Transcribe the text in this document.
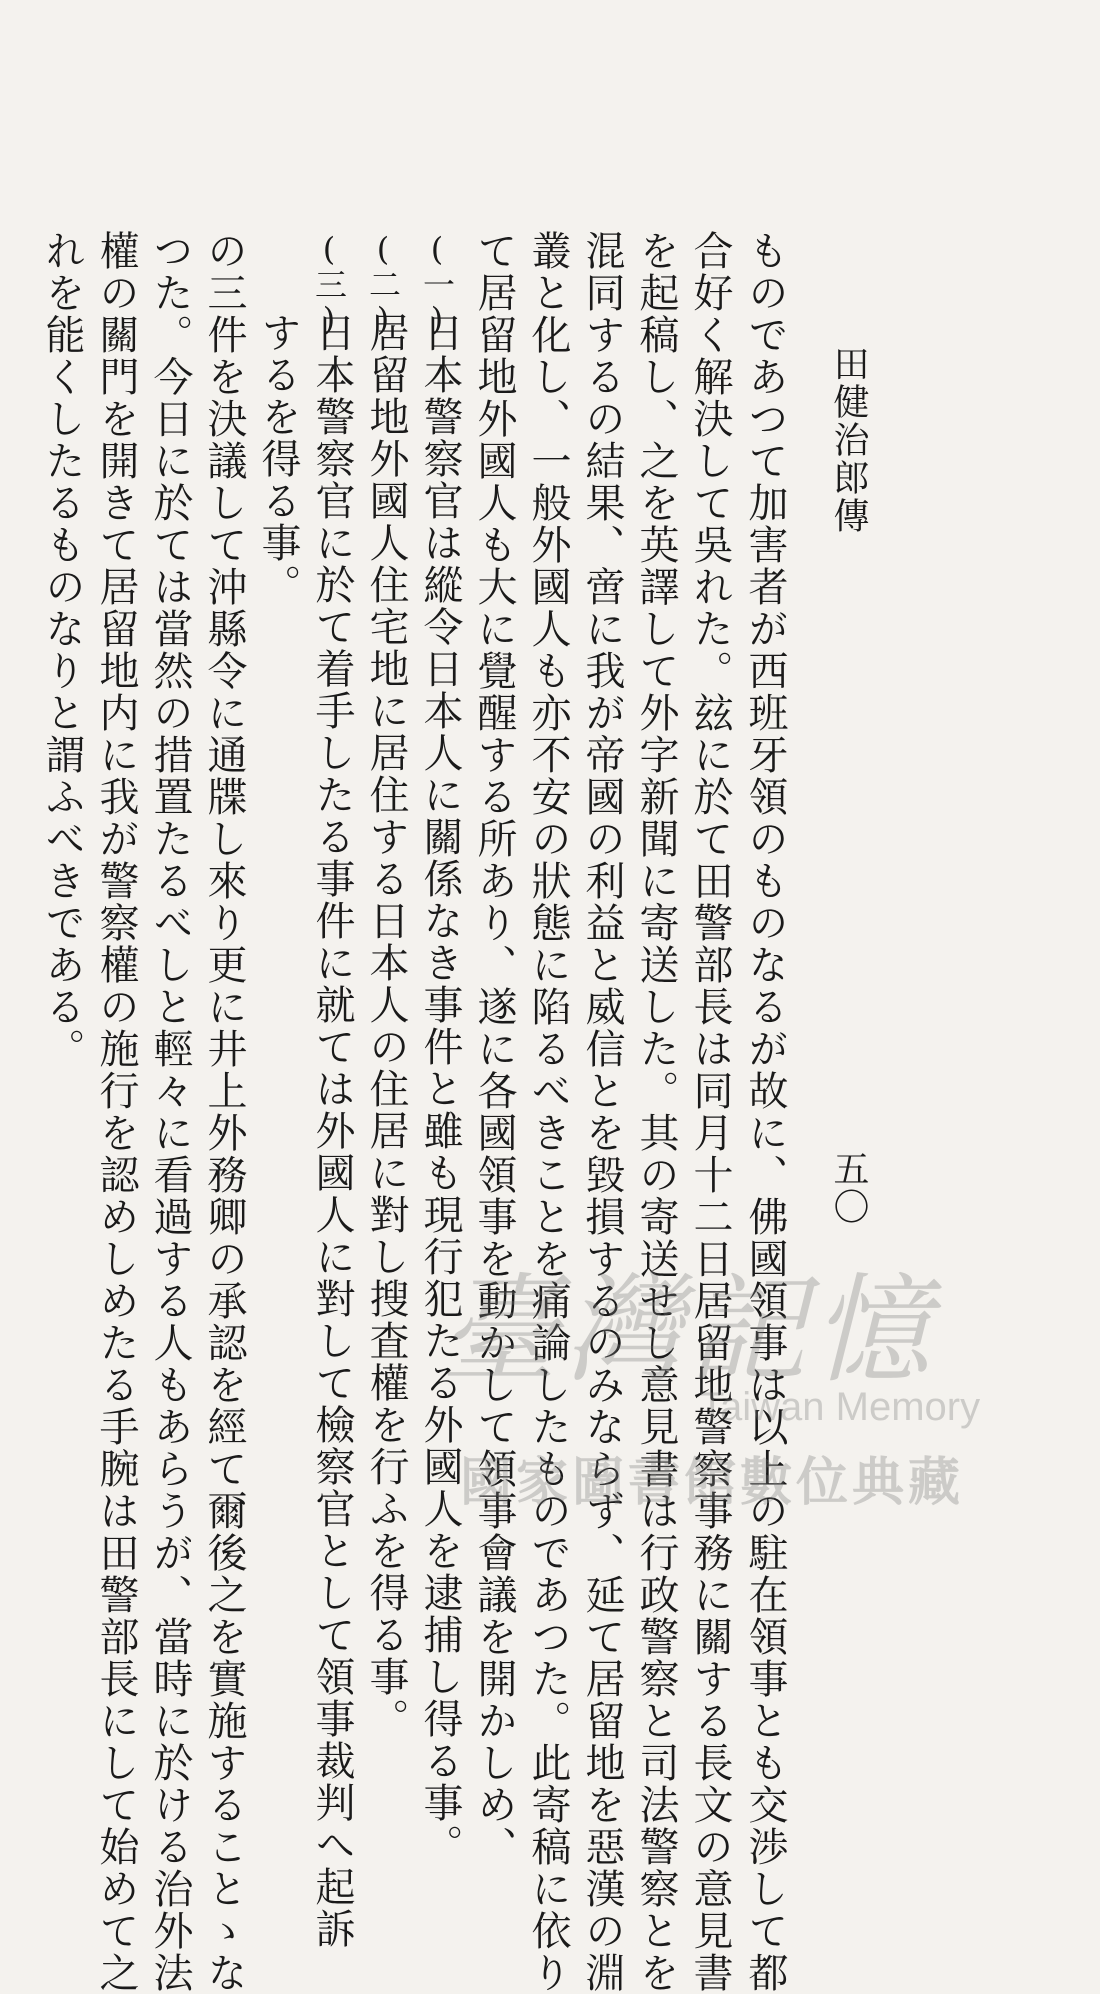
田健治郎傳
五〇
ものであつて加害者が西班牙領のものなるが故に、佛國領事は以上の駐在領事とも交渉して都
合好く解決して吳れた。玆に於て田警部長は同月十二日居留地警察事務に關する長文の意見書
を起稿し、之を英譯して外字新聞に寄送した。其の寄送せし意見書は行政警察と司法警察とを
混同するの結果、啻に我が帝國の利益と威信とを毀損するのみならず、延て居留地を惡漢の淵
叢と化し、一般外國人も亦不安の狀態に陷るべきことを痛論したものであつた。此寄稿に依り
て居留地外國人も大に覺醒する所あり、遂に各國領事を動かして領事會議を開かしめ、
(一)
日本警察官は縱令日本人に關係なき事件と雖も現行犯たる外國人を逮捕し得る事。
(二)
居留地外國人住宅地に居住する日本人の住居に對し搜査權を行ふを得る事。
(三)
日本警察官に於て着手したる事件に就ては外國人に對して檢察官として領事裁判へ起訴
するを得る事。
の三件を決議して沖縣令に通牒し來り更に井上外務卿の承認を經て爾後之を實施することゝな
つた。今日に於ては當然の措置たるべしと輕々に看過する人もあらうが、當時に於ける治外法
權の關門を開きて居留地内に我が警察權の施行を認めしめたる手腕は田警部長にして始めて之
れを能くしたるものなりと謂ふべきである。
臺灣記憶
Taiwan Memory
國家圖書館數位典藏
